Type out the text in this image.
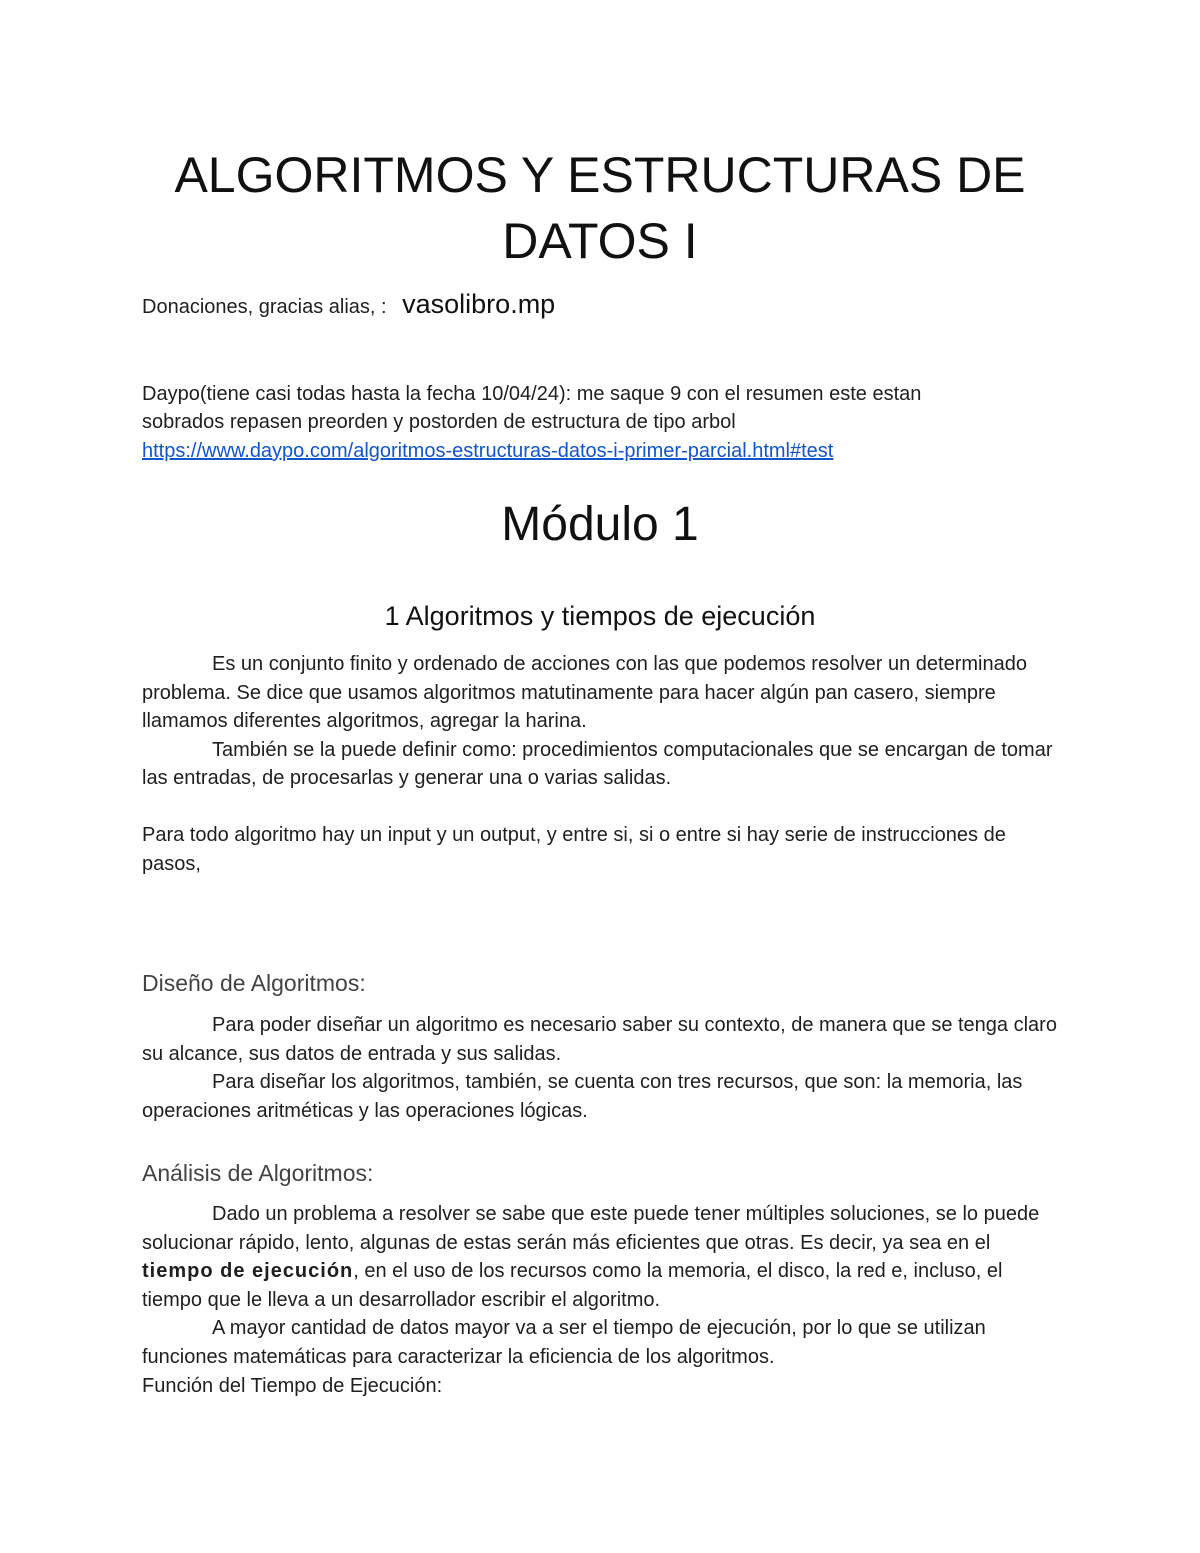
ALGORITMOS Y ESTRUCTURAS DE
DATOS I
Donaciones, gracias alias, : vasolibro.mp
Daypo(tiene casi todas hasta la fecha 10/04/24): me saque 9 con el resumen este estan
sobrados repasen preorden y postorden de estructura de tipo arbol
https://www.daypo.com/algoritmos-estructuras-datos-i-primer-parcial.html#test
Módulo 1
1 Algoritmos y tiempos de ejecución

Es un conjunto finito y ordenado de acciones con las que podemos resolver un determinado problema. Se dice que usamos algoritmos matutinamente para hacer algún pan casero, siempre llamamos diferentes algoritmos, agregar la harina.

También se la puede definir como: procedimientos computacionales que se encargan de tomar las entradas, de procesarlas y generar una o varias salidas.

Para todo algoritmo hay un input y un output, y entre si, si o entre si hay serie de instrucciones de pasos,
Diseño de Algoritmos:

Para poder diseñar un algoritmo es necesario saber su contexto, de manera que se tenga claro su alcance, sus datos de entrada y sus salidas.

Para diseñar los algoritmos, también, se cuenta con tres recursos, que son: la memoria, las operaciones aritméticas y las operaciones lógicas.

Análisis de Algoritmos:

Dado un problema a resolver se sabe que este puede tener múltiples soluciones, se lo puede solucionar rápido, lento, algunas de estas serán más eficientes que otras. Es decir, ya sea en el tiempo de ejecución, en el uso de los recursos como la memoria, el disco, la red e, incluso, el tiempo que le lleva a un desarrollador escribir el algoritmo.

A mayor cantidad de datos mayor va a ser el tiempo de ejecución, por lo que se utilizan funciones matemáticas para caracterizar la eficiencia de los algoritmos.

Función del Tiempo de Ejecución:
